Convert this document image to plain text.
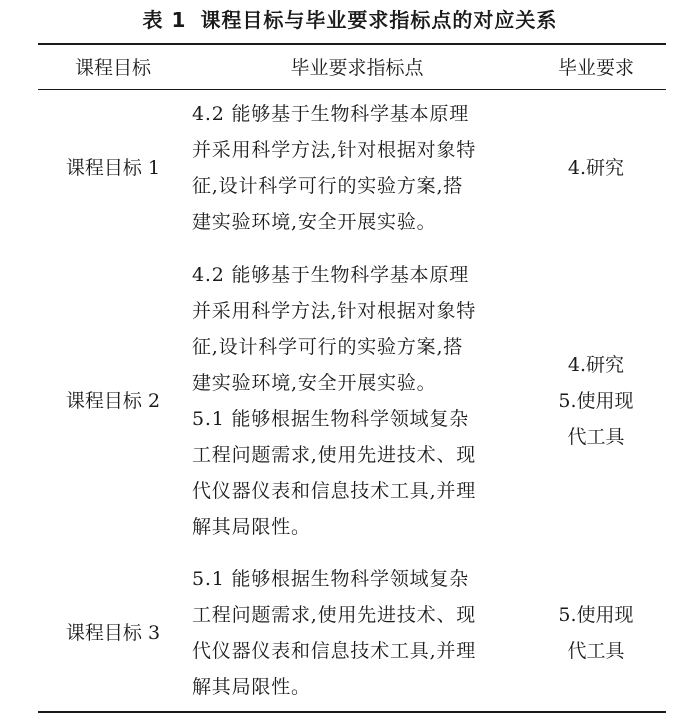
表 1 课程目标与毕业要求指标点的对应关系
课程目标	毕业要求指标点	毕业要求
课程目标 1
4.2 能够基于生物科学基本原理
并采用科学方法,针对根据对象特
征,设计科学可行的实验方案,搭
建实验环境,安全开展实验。
4.研究
课程目标 2
4.2 能够基于生物科学基本原理
并采用科学方法,针对根据对象特
征,设计科学可行的实验方案,搭
建实验环境,安全开展实验。
5.1 能够根据生物科学领域复杂
工程问题需求,使用先进技术、现
代仪器仪表和信息技术工具,并理
解其局限性。
4.研究
5.使用现
代工具
课程目标 3
5.1 能够根据生物科学领域复杂
工程问题需求,使用先进技术、现
代仪器仪表和信息技术工具,并理
解其局限性。
5.使用现
代工具
